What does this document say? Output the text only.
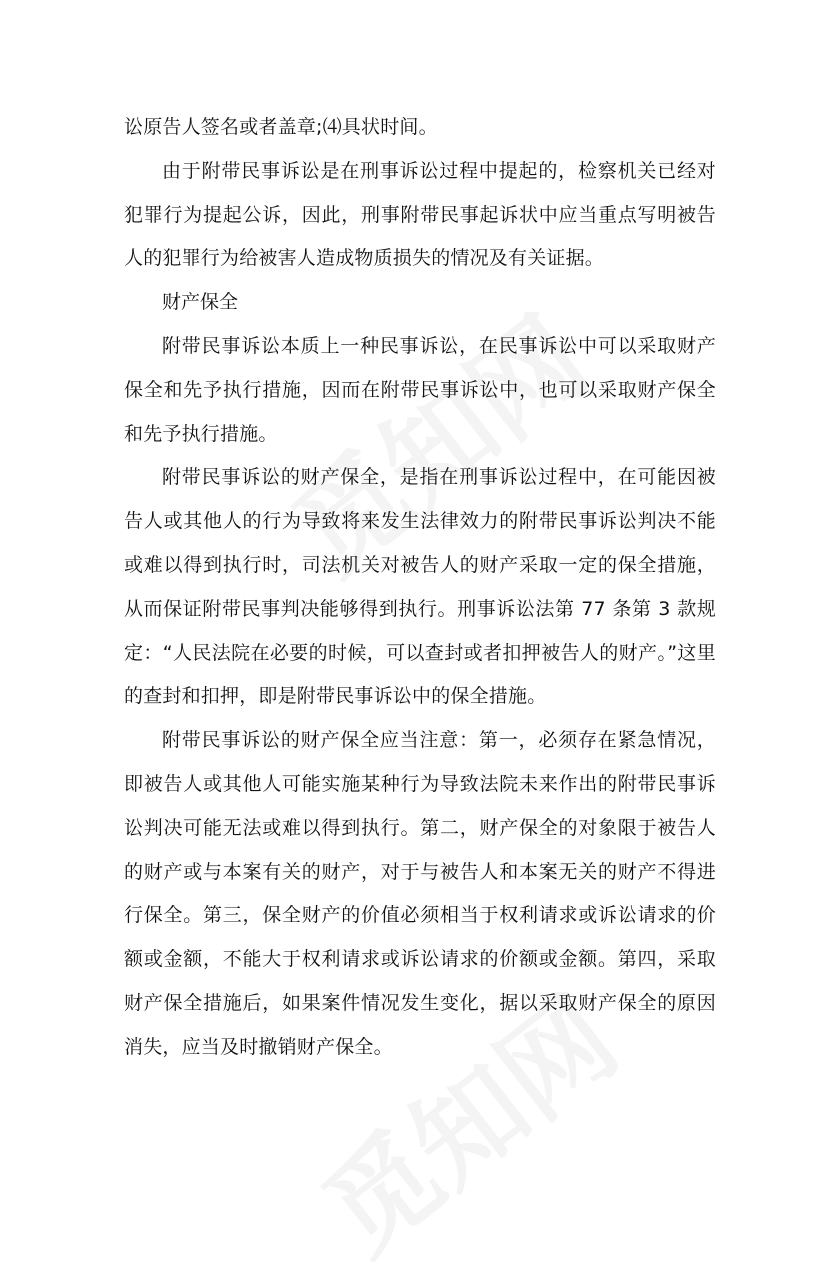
讼原告人签名或者盖章;⑷具状时间。

由于附带民事诉讼是在刑事诉讼过程中提起的，检察机关已经对犯罪行为提起公诉，因此，刑事附带民事起诉状中应当重点写明被告人的犯罪行为给被害人造成物质损失的情况及有关证据。

财产保全

附带民事诉讼本质上一种民事诉讼，在民事诉讼中可以采取财产保全和先予执行措施，因而在附带民事诉讼中，也可以采取财产保全和先予执行措施。

附带民事诉讼的财产保全，是指在刑事诉讼过程中，在可能因被告人或其他人的行为导致将来发生法律效力的附带民事诉讼判决不能或难以得到执行时，司法机关对被告人的财产采取一定的保全措施，从而保证附带民事判决能够得到执行。刑事诉讼法第 77 条第 3 款规定：“人民法院在必要的时候，可以查封或者扣押被告人的财产。”这里的查封和扣押，即是附带民事诉讼中的保全措施。

附带民事诉讼的财产保全应当注意：第一，必须存在紧急情况，即被告人或其他人可能实施某种行为导致法院未来作出的附带民事诉讼判决可能无法或难以得到执行。第二，财产保全的对象限于被告人的财产或与本案有关的财产，对于与被告人和本案无关的财产不得进行保全。第三，保全财产的价值必须相当于权利请求或诉讼请求的价额或金额，不能大于权利请求或诉讼请求的价额或金额。第四，采取财产保全措施后，如果案件情况发生变化，据以采取财产保全的原因消失，应当及时撤销财产保全。
